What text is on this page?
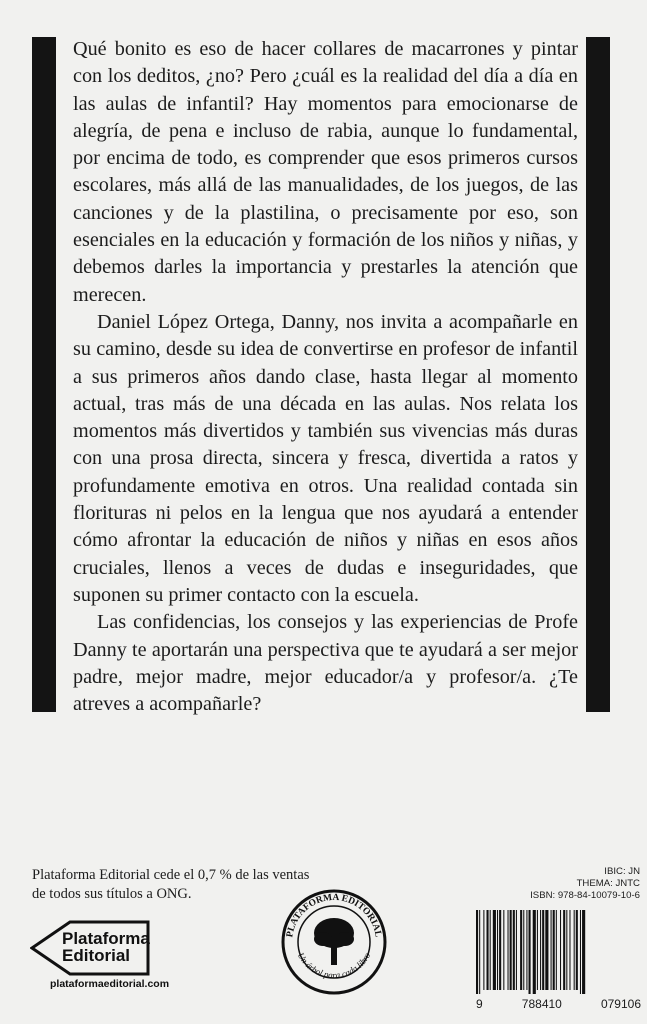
Qué bonito es eso de hacer collares de macarrones y pintar con los deditos, ¿no? Pero ¿cuál es la realidad del día a día en las aulas de infantil? Hay momentos para emocionarse de alegría, de pena e incluso de rabia, aunque lo fundamental, por encima de todo, es comprender que esos primeros cursos escolares, más allá de las manualidades, de los juegos, de las canciones y de la plastilina, o precisamente por eso, son esenciales en la educación y formación de los niños y niñas, y debemos darles la importancia y prestarles la atención que merecen.

Daniel López Ortega, Danny, nos invita a acompañarle en su camino, desde su idea de convertirse en profesor de infantil a sus primeros años dando clase, hasta llegar al momento actual, tras más de una década en las aulas. Nos relata los momentos más divertidos y también sus vivencias más duras con una prosa directa, sincera y fresca, divertida a ratos y profundamente emotiva en otros. Una realidad contada sin florituras ni pelos en la lengua que nos ayudará a entender cómo afrontar la educación de niños y niñas en esos años cruciales, llenos a veces de dudas e inseguridades, que suponen su primer contacto con la escuela.

Las confidencias, los consejos y las experiencias de Profe Danny te aportarán una perspectiva que te ayudará a ser mejor padre, mejor madre, mejor educador/a y profesor/a. ¿Te atreves a acompañarle?

Plataforma Editorial cede el 0,7 % de las ventas
de todos sus títulos a ONG.
Plataforma
Editorial
plataformaeditorial.com
PLATAFORMA EDITORIAL
Un árbol para cada libro
IBIC: JN
THEMA: JNTC
ISBN: 978-84-10079-10-6
9	788410	079106
